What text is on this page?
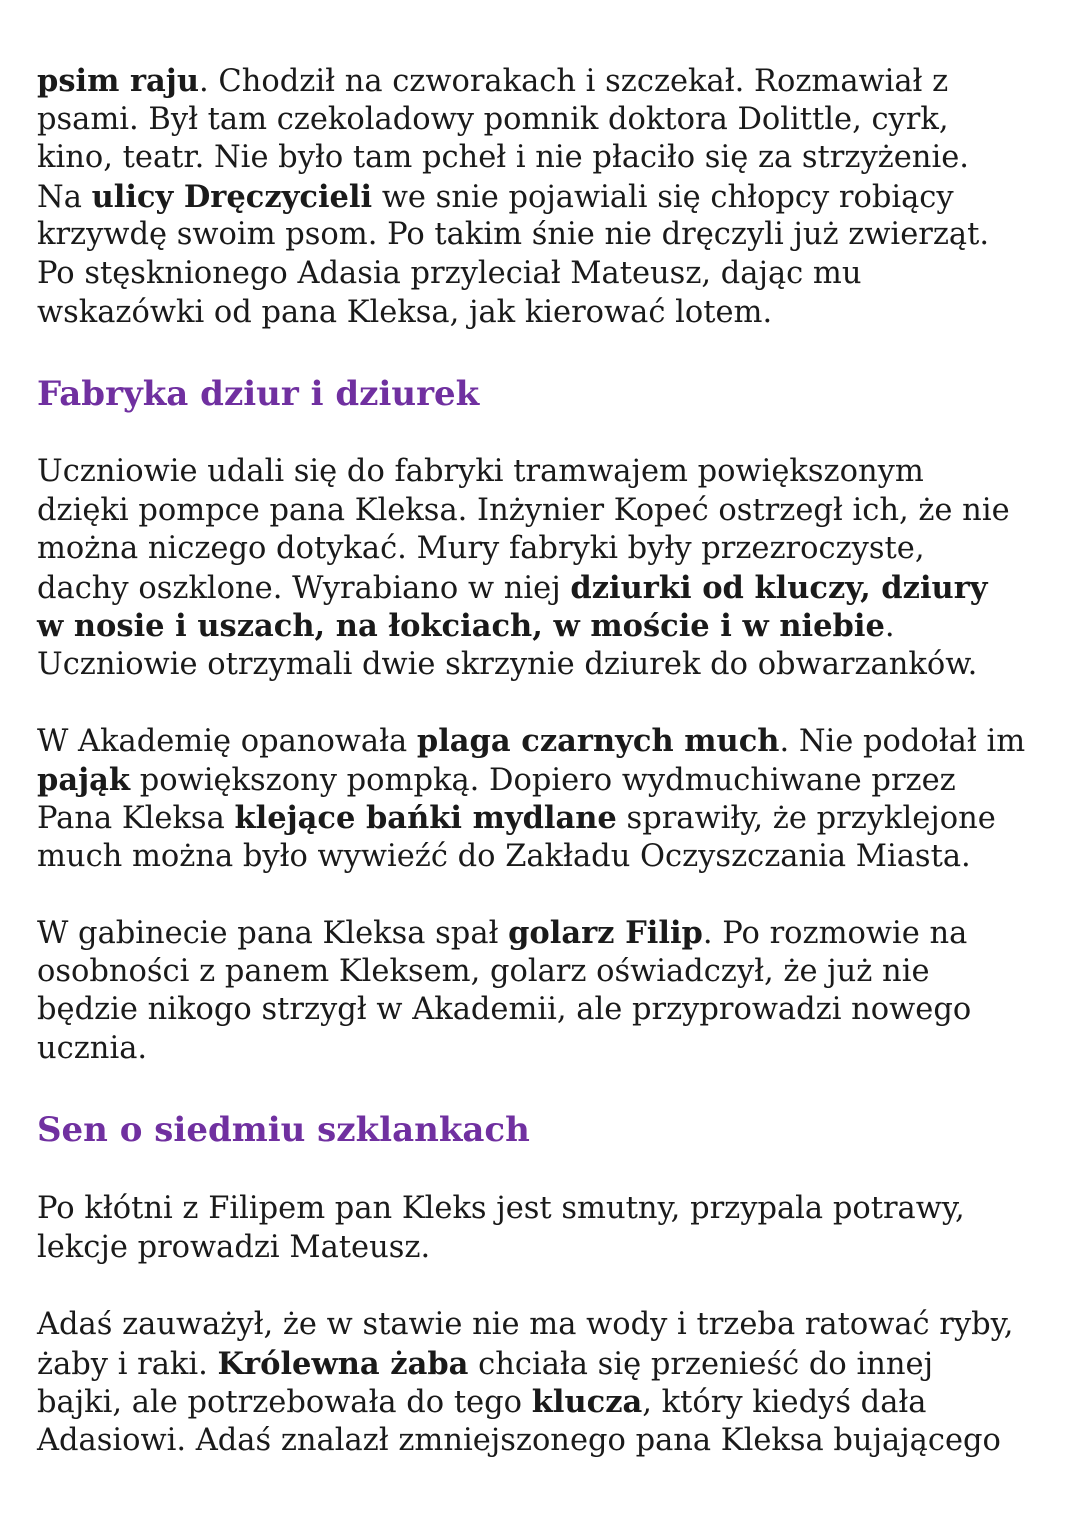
psim raju. Chodził na czworakach i szczekał. Rozmawiał z
psami. Był tam czekoladowy pomnik doktora Dolittle, cyrk,
kino, teatr. Nie było tam pcheł i nie płaciło się za strzyżenie.
Na ulicy Dręczycieli we snie pojawiali się chłopcy robiący
krzywdę swoim psom. Po takim śnie nie dręczyli już zwierząt.
Po stęsknionego Adasia przyleciał Mateusz, dając mu
wskazówki od pana Kleksa, jak kierować lotem.
Fabryka dziur i dziurek
Uczniowie udali się do fabryki tramwajem powiększonym
dzięki pompce pana Kleksa. Inżynier Kopeć ostrzegł ich, że nie
można niczego dotykać. Mury fabryki były przezroczyste,
dachy oszklone. Wyrabiano w niej dziurki od kluczy, dziury
w nosie i uszach, na łokciach, w moście i w niebie.
Uczniowie otrzymali dwie skrzynie dziurek do obwarzanków.
W Akademię opanowała plaga czarnych much. Nie podołał im
pająk powiększony pompką. Dopiero wydmuchiwane przez
Pana Kleksa klejące bańki mydlane sprawiły, że przyklejone
much można było wywieźć do Zakładu Oczyszczania Miasta.
W gabinecie pana Kleksa spał golarz Filip. Po rozmowie na
osobności z panem Kleksem, golarz oświadczył, że już nie
będzie nikogo strzygł w Akademii, ale przyprowadzi nowego
ucznia.
Sen o siedmiu szklankach
Po kłótni z Filipem pan Kleks jest smutny, przypala potrawy,
lekcje prowadzi Mateusz.
Adaś zauważył, że w stawie nie ma wody i trzeba ratować ryby,
żaby i raki. Królewna żaba chciała się przenieść do innej
bajki, ale potrzebowała do tego klucza, który kiedyś dała
Adasiowi. Adaś znalazł zmniejszonego pana Kleksa bujającego
